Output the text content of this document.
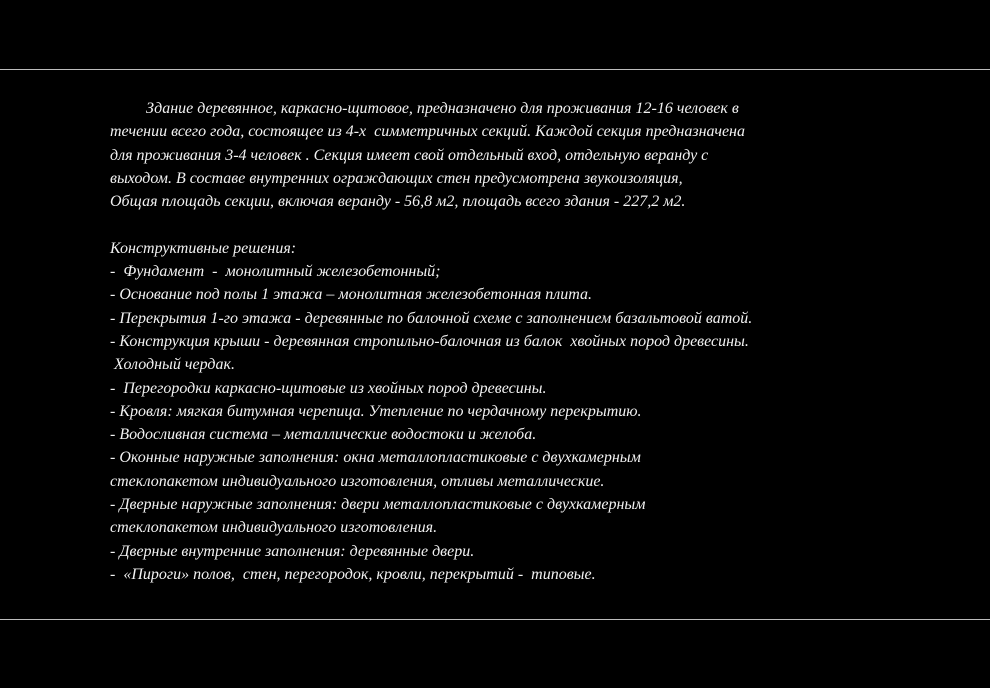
Здание деревянное, каркасно-щитовое, предназначено для проживания 12-16 человек в
течении всего года, состоящее из 4-х  симметричных секций. Каждой секция предназначена
для проживания 3-4 человек . Секция имеет свой отдельный вход, отдельную веранду с
выходом. В составе внутренних ограждающих стен предусмотрена звукоизоляция,
Общая площадь секции, включая веранду - 56,8 м2, площадь всего здания - 227,2 м2.
Конструктивные решения:
-  Фундамент  -  монолитный железобетонный;
- Основание под полы 1 этажа – монолитная железобетонная плита.
- Перекрытия 1-го этажа - деревянные по балочной схеме с заполнением базальтовой ватой.
- Конструкция крыши - деревянная стропильно-балочная из балок  хвойных пород древесины.
Холодный чердак.
-  Перегородки каркасно-щитовые из хвойных пород древесины.
- Кровля: мягкая битумная черепица. Утепление по чердачному перекрытию.
- Водосливная система – металлические водостоки и желоба.
- Оконные наружные заполнения: окна металлопластиковые с двухкамерным
стеклопакетом индивидуального изготовления, отливы металлические.
- Дверные наружные заполнения: двери металлопластиковые с двухкамерным
стеклопакетом индивидуального изготовления.
- Дверные внутренние заполнения: деревянные двери.
-  «Пироги» полов,  стен, перегородок, кровли, перекрытий -  типовые.
